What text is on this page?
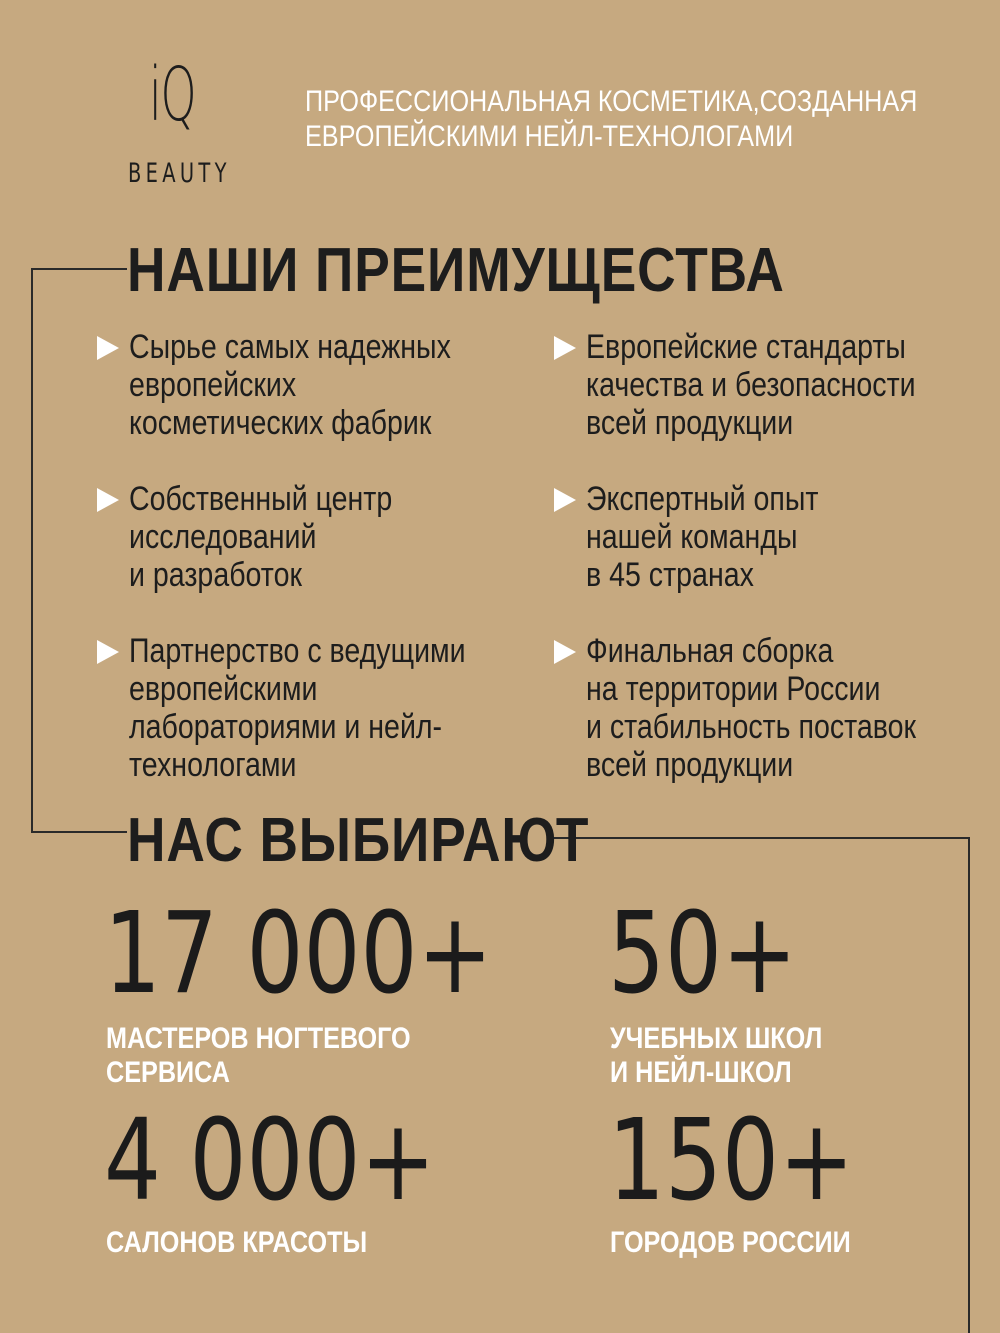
iQ
BEAUTY
ПРОФЕССИОНАЛЬНАЯ КОСМЕТИКА,СОЗДАННАЯ
ЕВРОПЕЙСКИМИ НЕЙЛ-ТЕХНОЛОГАМИ
НАШИ ПРЕИМУЩЕСТВА
Сырье самых надежных
европейских
косметических фабрик
Европейские стандарты
качества и безопасности
всей продукции
Собственный центр
исследований
и разработок
Экспертный опыт
нашей команды
в 45 странах
Партнерство с ведущими
европейскими
лабораториями и нейл-
технологами
Финальная сборка
на территории России
и стабильность поставок
всей продукции
НАС ВЫБИРАЮТ
17 000+
МАСТЕРОВ НОГТЕВОГО
СЕРВИСА
50+
УЧЕБНЫХ ШКОЛ
И НЕЙЛ-ШКОЛ
4 000+
САЛОНОВ КРАСОТЫ
150+
ГОРОДОВ РОССИИ
